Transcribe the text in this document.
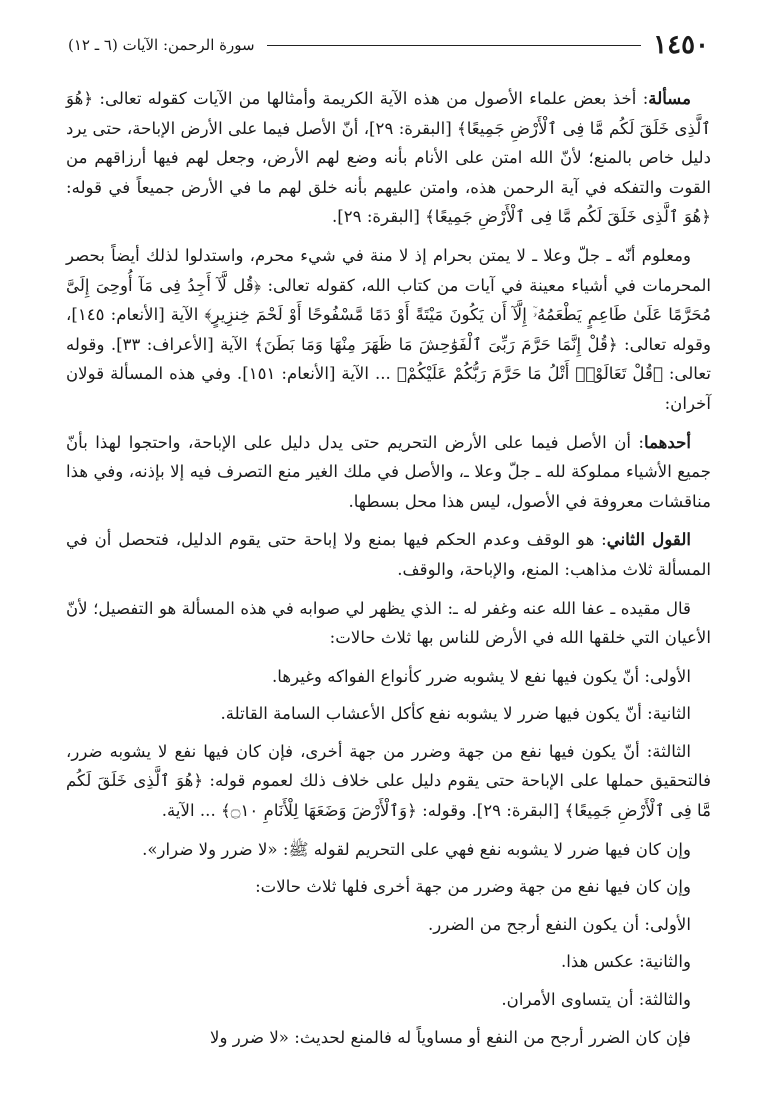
١٤٥٠
سورة الرحمن: الآيات (٦ ـ ١٢)

مسألة: أخذ بعض علماء الأصول من هذه الآية الكريمة وأمثالها من الآيات كقوله تعالى: ﴿هُوَ ٱلَّذِى خَلَقَ لَكُم مَّا فِى ٱلْأَرْضِ جَمِيعًا﴾ [البقرة: ٢٩]، أنّ الأصل فيما على الأرض الإباحة، حتى يرد دليل خاص بالمنع؛ لأنّ الله امتن على الأنام بأنه وضع لهم الأرض، وجعل لهم فيها أرزاقهم من القوت والتفكه في آية الرحمن هذه، وامتن عليهم بأنه خلق لهم ما في الأرض جميعاً في قوله: ﴿هُوَ ٱلَّذِى خَلَقَ لَكُم مَّا فِى ٱلْأَرْضِ جَمِيعًا﴾ [البقرة: ٢٩].

ومعلوم أنّه ـ جلّ وعلا ـ لا يمتن بحرام إذ لا منة في شيء محرم، واستدلوا لذلك أيضاً بحصر المحرمات في أشياء معينة في آيات من كتاب الله، كقوله تعالى: ﴿قُل لَّآ أَجِدُ فِى مَآ أُوحِىَ إِلَىَّ مُحَرَّمًا عَلَىٰ طَاعِمٍ يَطْعَمُهُۥٓ إِلَّآ أَن يَكُونَ مَيْتَةً أَوْ دَمًا مَّسْفُوحًا أَوْ لَحْمَ خِنزِيرٍ﴾ الآية [الأنعام: ١٤٥]، وقوله تعالى: ﴿قُلْ إِنَّمَا حَرَّمَ رَبِّىَ ٱلْفَوَٰحِشَ مَا ظَهَرَ مِنْهَا وَمَا بَطَنَ﴾ الآية [الأعراف: ٣٣]. وقوله تعالى: ﴿قُلْ تَعَالَوْا۟ أَتْلُ مَا حَرَّمَ رَبُّكُمْ عَلَيْكُمْ﴾ ... الآية [الأنعام: ١٥١]. وفي هذه المسألة قولان آخران:

أحدهما: أن الأصل فيما على الأرض التحريم حتى يدل دليل على الإباحة، واحتجوا لهذا بأنّ جميع الأشياء مملوكة لله ـ جلّ وعلا ـ، والأصل في ملك الغير منع التصرف فيه إلا بإذنه، وفي هذا مناقشات معروفة في الأصول، ليس هذا محل بسطها.

القول الثاني: هو الوقف وعدم الحكم فيها بمنع ولا إباحة حتى يقوم الدليل، فتحصل أن في المسألة ثلاث مذاهب: المنع، والإباحة، والوقف.

قال مقيده ـ عفا الله عنه وغفر له ـ: الذي يظهر لي صوابه في هذه المسألة هو التفصيل؛ لأنّ الأعيان التي خلقها الله في الأرض للناس بها ثلاث حالات:

الأولى: أنّ يكون فيها نفع لا يشوبه ضرر كأنواع الفواكه وغيرها.

الثانية: أنّ يكون فيها ضرر لا يشوبه نفع كأكل الأعشاب السامة القاتلة.

الثالثة: أنّ يكون فيها نفع من جهة وضرر من جهة أخرى، فإن كان فيها نفع لا يشوبه ضرر، فالتحقيق حملها على الإباحة حتى يقوم دليل على خلاف ذلك لعموم قوله: ﴿هُوَ ٱلَّذِى خَلَقَ لَكُم مَّا فِى ٱلْأَرْضِ جَمِيعًا﴾ [البقرة: ٢٩]. وقوله: ﴿وَٱلْأَرْضَ وَضَعَهَا لِلْأَنَامِ ۝١٠﴾ ... الآية.

وإن كان فيها ضرر لا يشوبه نفع فهي على التحريم لقوله ﷺ: «لا ضرر ولا ضرار».

وإن كان فيها نفع من جهة وضرر من جهة أخرى فلها ثلاث حالات:

الأولى: أن يكون النفع أرجح من الضرر.

والثانية: عكس هذا.

والثالثة: أن يتساوى الأمران.

فإن كان الضرر أرجح من النفع أو مساوياً له فالمنع لحديث: «لا ضرر ولا
